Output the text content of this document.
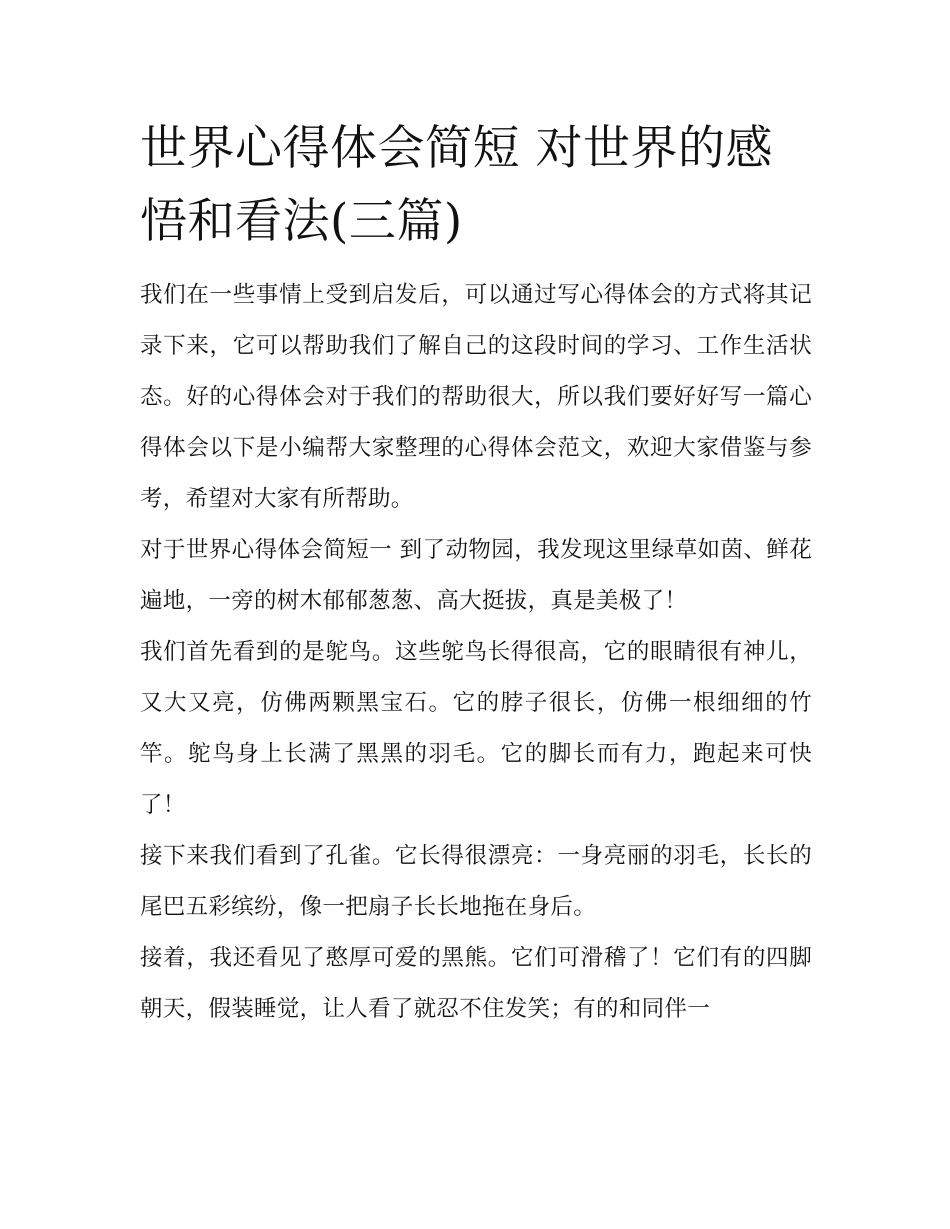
世界心得体会简短 对世界的感悟和看法(三篇)

我们在一些事情上受到启发后，可以通过写心得体会的方式将其记录下来，它可以帮助我们了解自己的这段时间的学习、工作生活状态。好的心得体会对于我们的帮助很大，所以我们要好好写一篇心得体会以下是小编帮大家整理的心得体会范文，欢迎大家借鉴与参考，希望对大家有所帮助。

对于世界心得体会简短一 到了动物园，我发现这里绿草如茵、鲜花遍地，一旁的树木郁郁葱葱、高大挺拔，真是美极了！

我们首先看到的是鸵鸟。这些鸵鸟长得很高，它的眼睛很有神儿，又大又亮，仿佛两颗黑宝石。它的脖子很长，仿佛一根细细的竹竿。鸵鸟身上长满了黑黑的羽毛。它的脚长而有力，跑起来可快了！

接下来我们看到了孔雀。它长得很漂亮：一身亮丽的羽毛，长长的尾巴五彩缤纷，像一把扇子长长地拖在身后。

接着，我还看见了憨厚可爱的黑熊。它们可滑稽了！它们有的四脚朝天，假装睡觉，让人看了就忍不住发笑；有的和同伴一
